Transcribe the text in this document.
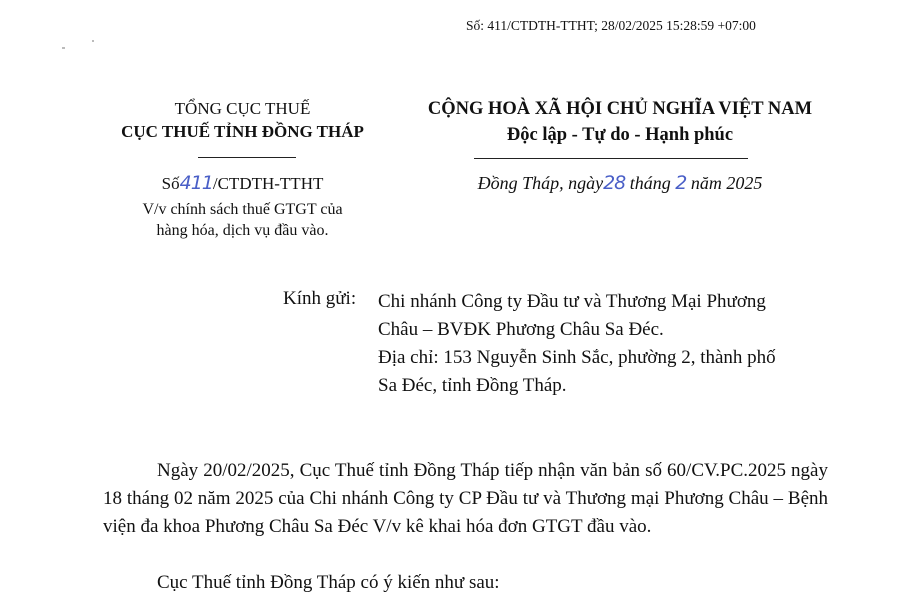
Số: 411/CTDTH-TTHT; 28/02/2025 15:28:59 +07:00
TỔNG CỤC THUẾ
CỤC THUẾ TỈNH ĐỒNG THÁP
Số411/CTDTH-TTHT
V/v chính sách thuế GTGT của
hàng hóa, dịch vụ đầu vào.
CỘNG HOÀ XÃ HỘI CHỦ NGHĨA VIỆT NAM
Độc lập - Tự do - Hạnh phúc
Đồng Tháp, ngày28 tháng 2 năm 2025
Kính gửi: Chi nhánh Công ty Đầu tư và Thương Mại Phương
Châu – BVĐK Phương Châu Sa Đéc.
Địa chỉ: 153 Nguyễn Sinh Sắc, phường 2, thành phố
Sa Đéc, tỉnh Đồng Tháp.
Ngày 20/02/2025, Cục Thuế tỉnh Đồng Tháp tiếp nhận văn bản số 60/CV.PC.2025 ngày 18 tháng 02 năm 2025 của Chi nhánh Công ty CP Đầu tư và Thương mại Phương Châu – Bệnh viện đa khoa Phương Châu Sa Đéc V/v kê khai hóa đơn GTGT đầu vào.
Cục Thuế tỉnh Đồng Tháp có ý kiến như sau:
